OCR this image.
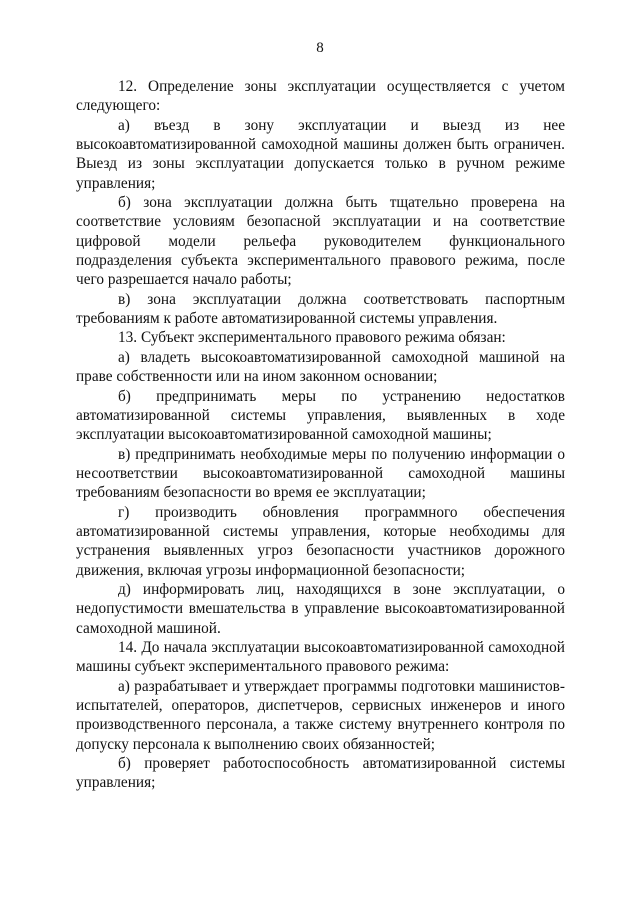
8

12. Определение зоны эксплуатации осуществляется с учетом следующего:

а) въезд в зону эксплуатации и выезд из нее высокоавтоматизированной самоходной машины должен быть ограничен. Выезд из зоны эксплуатации допускается только в ручном режиме управления;

б) зона эксплуатации должна быть тщательно проверена на соответствие условиям безопасной эксплуатации и на соответствие цифровой модели рельефа руководителем функционального подразделения субъекта экспериментального правового режима, после чего разрешается начало работы;

в) зона эксплуатации должна соответствовать паспортным требованиям к работе автоматизированной системы управления.

13. Субъект экспериментального правового режима обязан:

а) владеть высокоавтоматизированной самоходной машиной на праве собственности или на ином законном основании;

б) предпринимать меры по устранению недостатков автоматизированной системы управления, выявленных в ходе эксплуатации высокоавтоматизированной самоходной машины;

в) предпринимать необходимые меры по получению информации о несоответствии высокоавтоматизированной самоходной машины требованиям безопасности во время ее эксплуатации;

г) производить обновления программного обеспечения автоматизированной системы управления, которые необходимы для устранения выявленных угроз безопасности участников дорожного движения, включая угрозы информационной безопасности;

д) информировать лиц, находящихся в зоне эксплуатации, о недопустимости вмешательства в управление высокоавтоматизированной самоходной машиной.

14. До начала эксплуатации высокоавтоматизированной самоходной машины субъект экспериментального правового режима:

а) разрабатывает и утверждает программы подготовки машинистов-испытателей, операторов, диспетчеров, сервисных инженеров и иного производственного персонала, а также систему внутреннего контроля по допуску персонала к выполнению своих обязанностей;

б) проверяет работоспособность автоматизированной системы управления;
